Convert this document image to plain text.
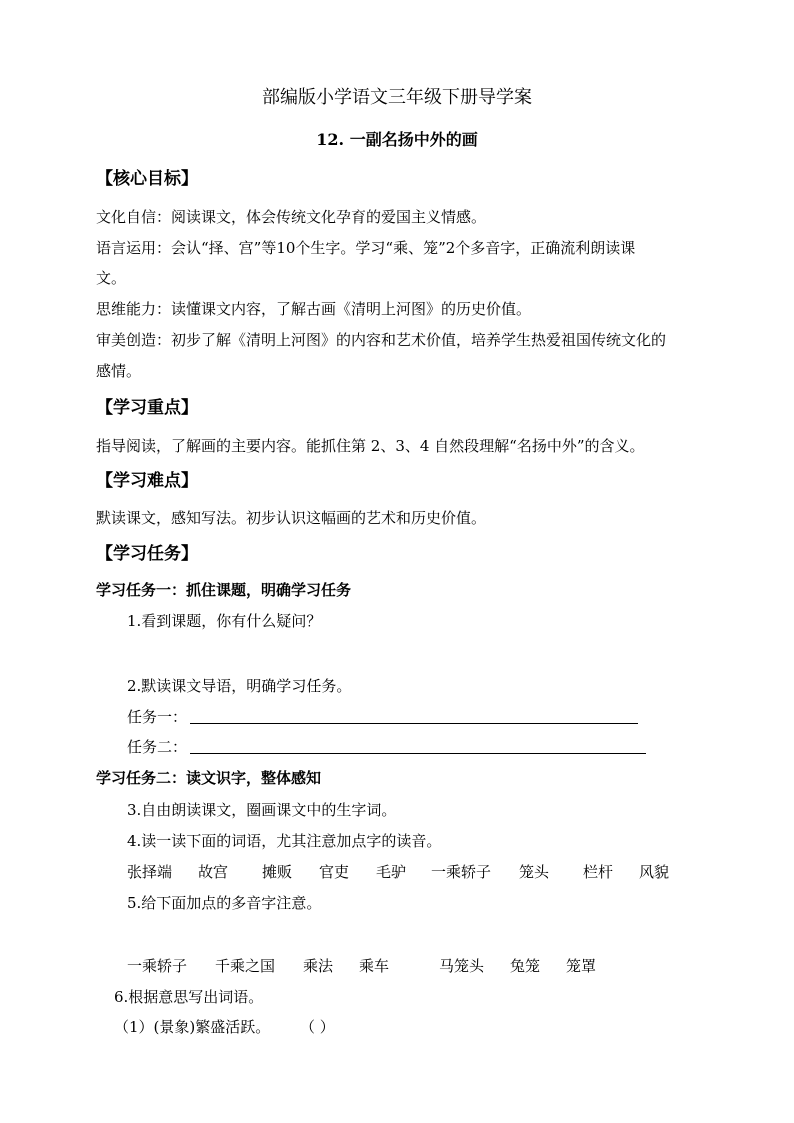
部编版小学语文三年级下册导学案
12. 一副名扬中外的画
【核心目标】
文化自信：阅读课文，体会传统文化孕育的爱国主义情感。
语言运用：会认“择、宫”等10个生字。学习“乘、笼”2个多音字，正确流利朗读课
文。
思维能力：读懂课文内容，了解古画《清明上河图》的历史价值。
审美创造：初步了解《清明上河图》的内容和艺术价值，培养学生热爱祖国传统文化的
感情。
【学习重点】
指导阅读，了解画的主要内容。能抓住第 2、3、4 自然段理解“名扬中外”的含义。
【学习难点】
默读课文，感知写法。初步认识这幅画的艺术和历史价值。
【学习任务】
学习任务一：抓住课题，明确学习任务
1.看到课题，你有什么疑问？
2.默读课文导语，明确学习任务。
任务一：
任务二：
学习任务二：读文识字，整体感知
3.自由朗读课文，圈画课文中的生字词。
4.读一读下面的词语，尤其注意加点字的读音。
张择端 故宫 摊贩 官吏 毛驴 一乘轿子 笼头 栏杆 风貌
5.给下面加点的多音字注意。
一乘轿子 千乘之国 乘法 乘车	马笼头 兔笼 笼罩
6.根据意思写出词语。
（1）(景象)繁盛活跃。 （ ）
